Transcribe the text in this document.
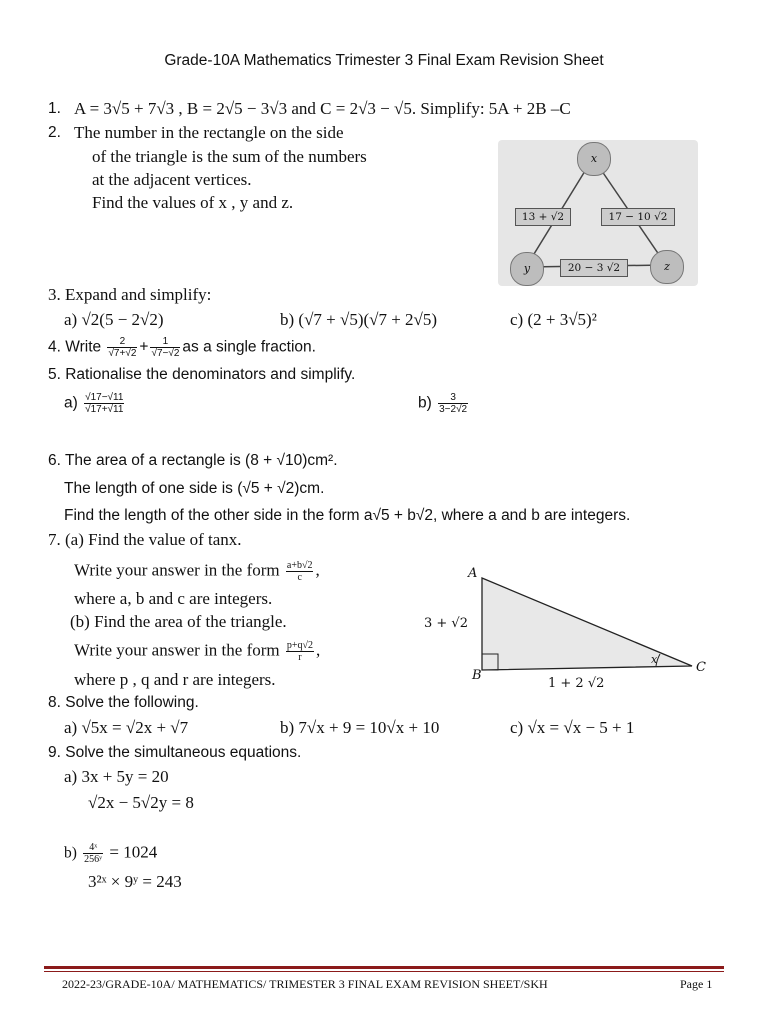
Grade-10A Mathematics Trimester 3 Final Exam Revision Sheet
1. A = 3√5 + 7√3 , B = 2√5 − 3√3 and C = 2√3 − √5. Simplify: 5A + 2B –C
2. The number in the rectangle on the side
of the triangle is the sum of the numbers
at the adjacent vertices.
Find the values of x , y and z.
x
y	z
13 + √2	17 − 10 √2
20 − 3 √2
3. Expand and simplify:
a) √2(5 − 2√2)	b) (√7 + √5)(√7 + 2√5)	c) (2 + 3√5)²
4. Write $\frac{2}{√7+√2} + \frac{1}{√7-√2}$ as a single fraction.
5. Rationalise the denominators and simplify.
$a) \frac{√17-√11}{√17+√11}$	$b) \frac{3}{3-2√2}$
6. The area of a rectangle is (8 + √10)cm².
The length of one side is (√5 + √2)cm.
Find the length of the other side in the form a√5 + b√2, where a and b are integers.
7. (a) Find the value of tanx.
Write your answer in the form $\frac{a+b√2}{c}$ ,
where a, b and c are integers.
(b) Find the area of the triangle.
Write your answer in the form $\frac{p+q√2}{r}$ ,
where p , q and r are integers.
A
B
C
x
3 + √2
1 + 2 √2
8. Solve the following.
a) √5x = √2x + √7	b) 7√x + 9 = 10√x + 10	c) √x = √x − 5 + 1
9. Solve the simultaneous equations.
a) 3x + 5y = 20
√2x − 5√2y = 8
$b) \frac{\text{4ˣ}}{\text{256ʸ}} = 1024$
3²ˣ × 9ʸ = 243
2022-23/GRADE-10A/ MATHEMATICS/ TRIMESTER 3 FINAL EXAM REVISION SHEET/SKH	Page 1
